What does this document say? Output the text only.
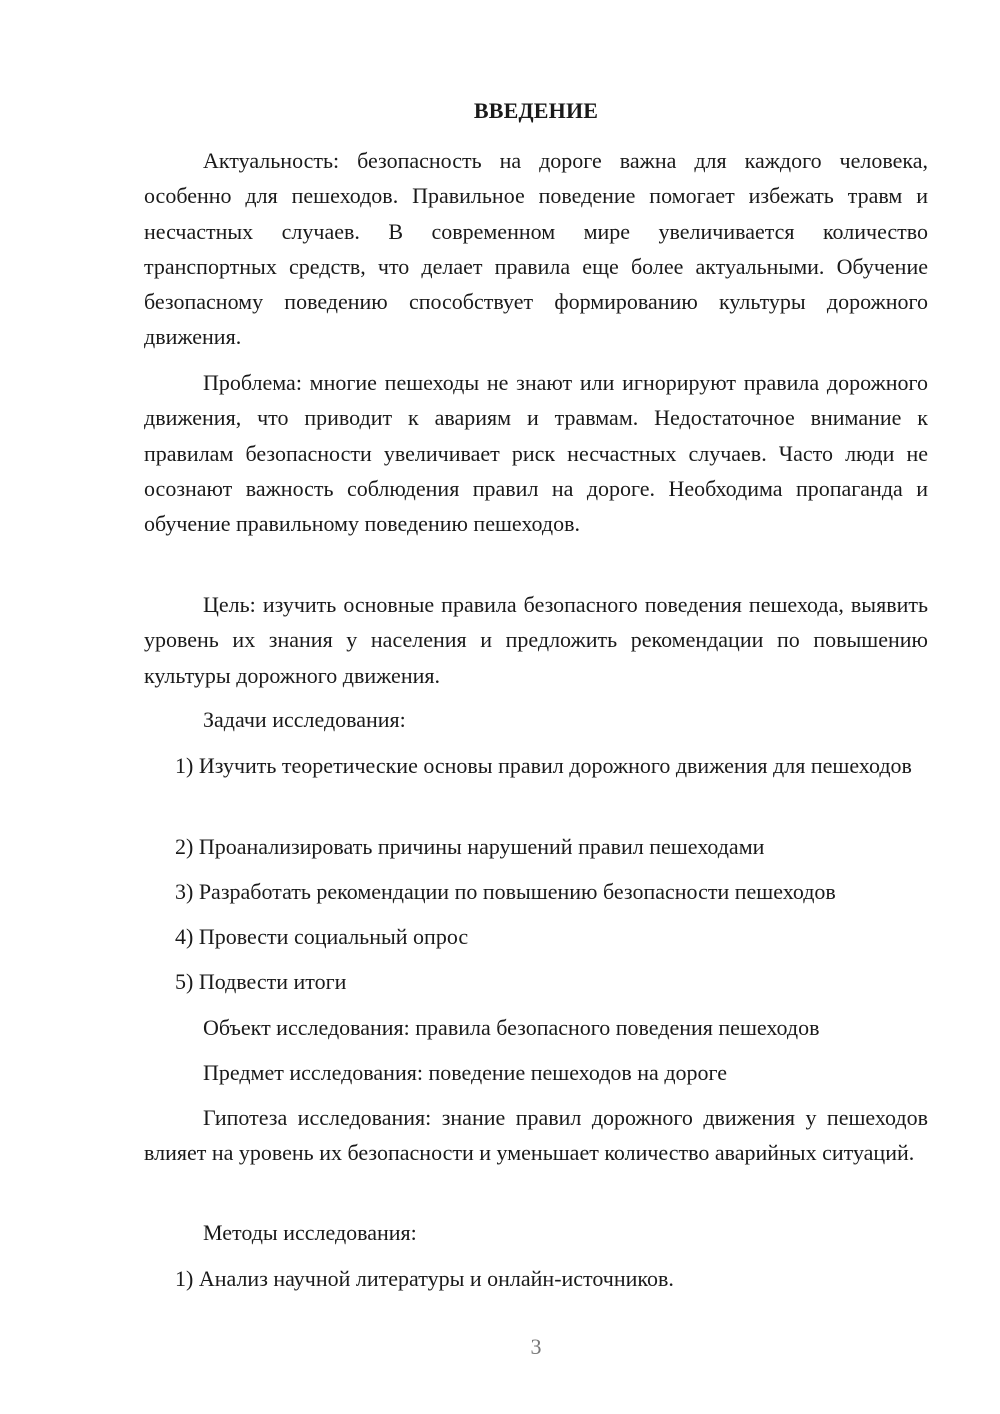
ВВЕДЕНИЕ

Актуальность: безопасность на дороге важна для каждого человека, особенно для пешеходов. Правильное поведение помогает избежать травм и несчастных случаев. В современном мире увеличивается количество транспортных средств, что делает правила еще более актуальными. Обучение безопасному поведению способствует формированию культуры дорожного движения.

Проблема: многие пешеходы не знают или игнорируют правила дорожного движения, что приводит к авариям и травмам. Недостаточное внимание к правилам безопасности увеличивает риск несчастных случаев. Часто люди не осознают важность соблюдения правил на дороге. Необходима пропаганда и обучение правильному поведению пешеходов.

Цель: изучить основные правила безопасного поведения пешехода, выявить уровень их знания у населения и предложить рекомендации по повышению культуры дорожного движения.

Задачи исследования:

1) Изучить теоретические основы правил дорожного движения для пешеходов

2) Проанализировать причины нарушений правил пешеходами

3) Разработать рекомендации по повышению безопасности пешеходов

4) Провести социальный опрос

5) Подвести итоги

Объект исследования: правила безопасного поведения пешеходов

Предмет исследования: поведение пешеходов на дороге

Гипотеза исследования: знание правил дорожного движения у пешеходов влияет на уровень их безопасности и уменьшает количество аварийных ситуаций.

Методы исследования:

1) Анализ научной литературы и онлайн-источников.

3
